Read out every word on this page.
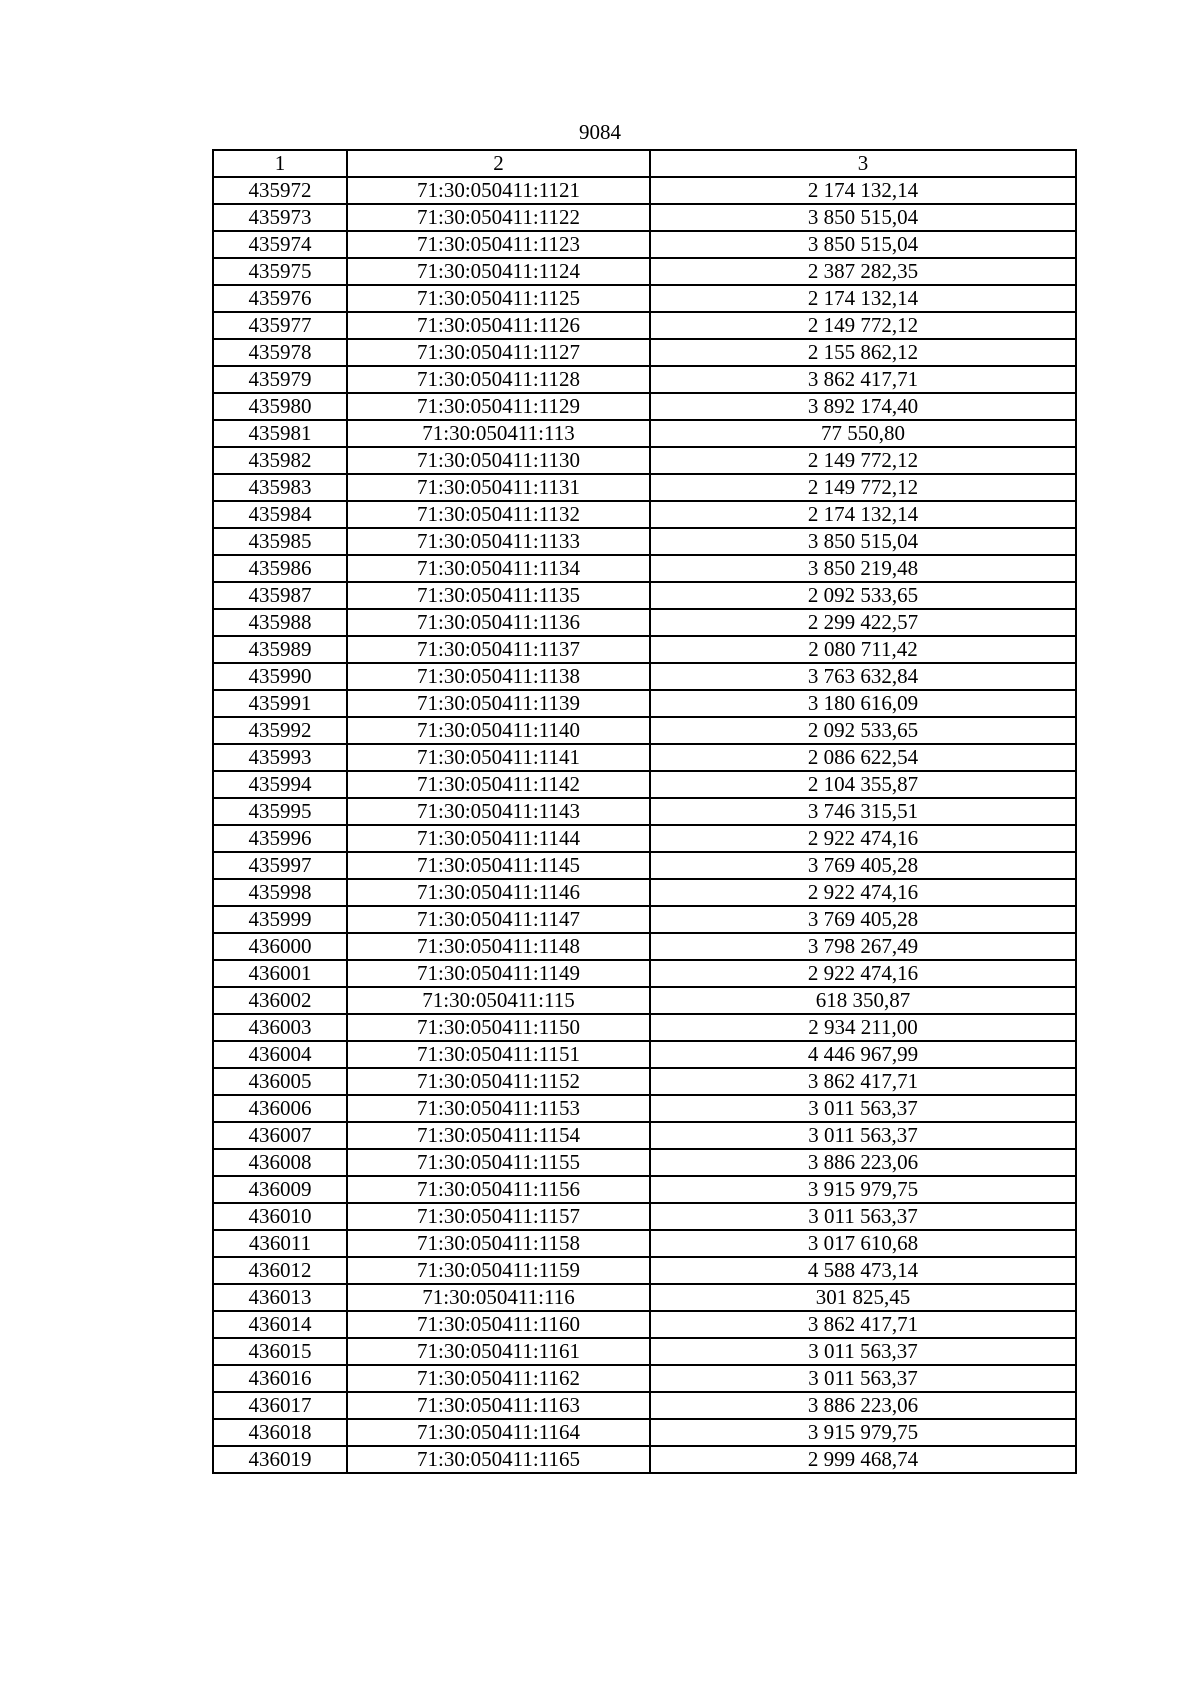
9084
1	2	3
435972	71:30:050411:1121	2 174 132,14
435973	71:30:050411:1122	3 850 515,04
435974	71:30:050411:1123	3 850 515,04
435975	71:30:050411:1124	2 387 282,35
435976	71:30:050411:1125	2 174 132,14
435977	71:30:050411:1126	2 149 772,12
435978	71:30:050411:1127	2 155 862,12
435979	71:30:050411:1128	3 862 417,71
435980	71:30:050411:1129	3 892 174,40
435981	71:30:050411:113	77 550,80
435982	71:30:050411:1130	2 149 772,12
435983	71:30:050411:1131	2 149 772,12
435984	71:30:050411:1132	2 174 132,14
435985	71:30:050411:1133	3 850 515,04
435986	71:30:050411:1134	3 850 219,48
435987	71:30:050411:1135	2 092 533,65
435988	71:30:050411:1136	2 299 422,57
435989	71:30:050411:1137	2 080 711,42
435990	71:30:050411:1138	3 763 632,84
435991	71:30:050411:1139	3 180 616,09
435992	71:30:050411:1140	2 092 533,65
435993	71:30:050411:1141	2 086 622,54
435994	71:30:050411:1142	2 104 355,87
435995	71:30:050411:1143	3 746 315,51
435996	71:30:050411:1144	2 922 474,16
435997	71:30:050411:1145	3 769 405,28
435998	71:30:050411:1146	2 922 474,16
435999	71:30:050411:1147	3 769 405,28
436000	71:30:050411:1148	3 798 267,49
436001	71:30:050411:1149	2 922 474,16
436002	71:30:050411:115	618 350,87
436003	71:30:050411:1150	2 934 211,00
436004	71:30:050411:1151	4 446 967,99
436005	71:30:050411:1152	3 862 417,71
436006	71:30:050411:1153	3 011 563,37
436007	71:30:050411:1154	3 011 563,37
436008	71:30:050411:1155	3 886 223,06
436009	71:30:050411:1156	3 915 979,75
436010	71:30:050411:1157	3 011 563,37
436011	71:30:050411:1158	3 017 610,68
436012	71:30:050411:1159	4 588 473,14
436013	71:30:050411:116	301 825,45
436014	71:30:050411:1160	3 862 417,71
436015	71:30:050411:1161	3 011 563,37
436016	71:30:050411:1162	3 011 563,37
436017	71:30:050411:1163	3 886 223,06
436018	71:30:050411:1164	3 915 979,75
436019	71:30:050411:1165	2 999 468,74
